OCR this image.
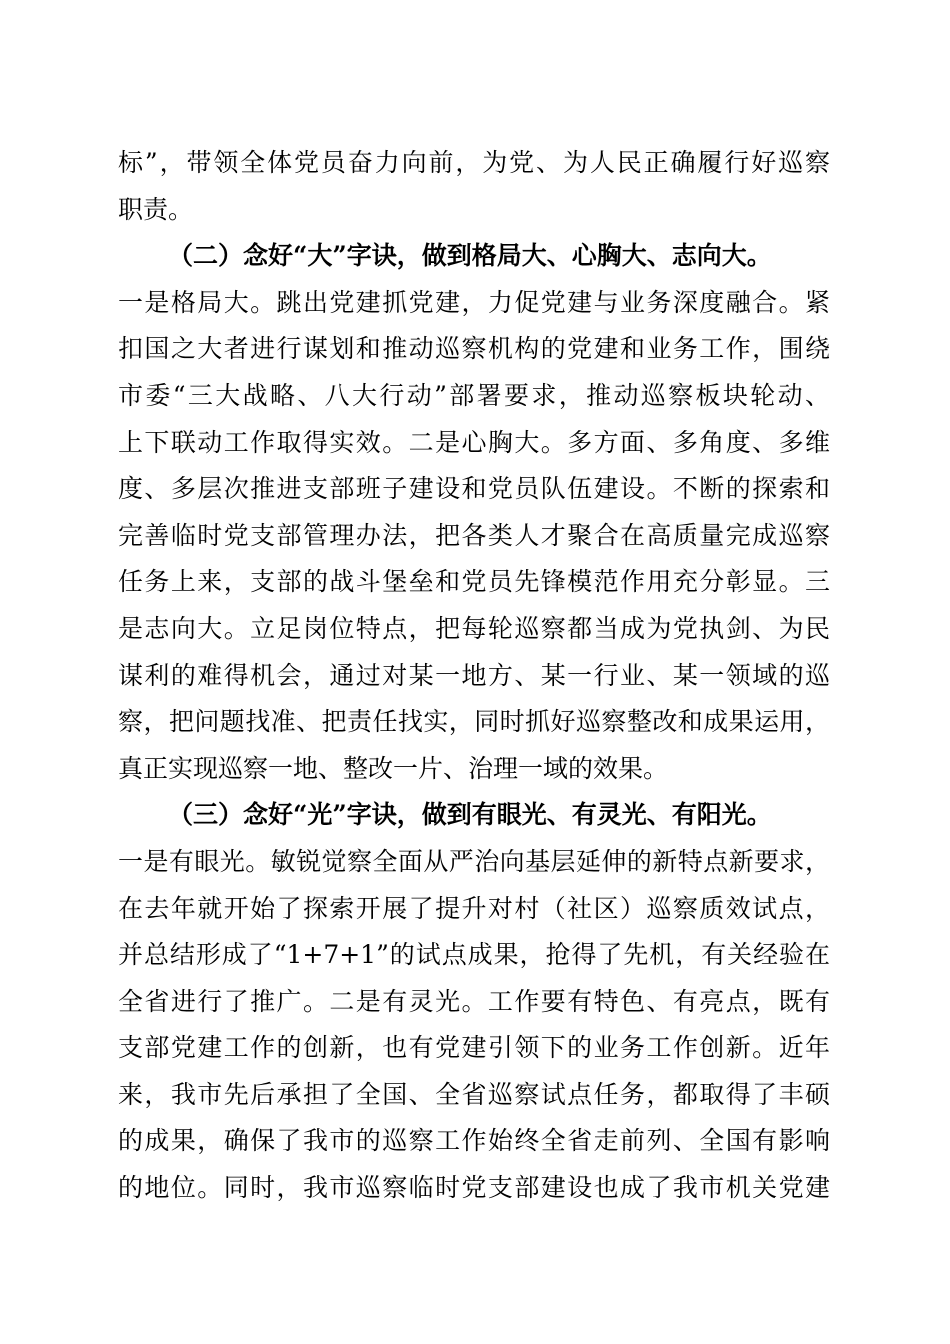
标”，带领全体党员奋力向前，为党、为人民正确履行好巡察
职责。
（二）念好“大”字诀，做到格局大、心胸大、志向大。
一是格局大。跳出党建抓党建，力促党建与业务深度融合。紧
扣国之大者进行谋划和推动巡察机构的党建和业务工作，围绕
市委“三大战略、八大行动”部署要求，推动巡察板块轮动、
上下联动工作取得实效。二是心胸大。多方面、多角度、多维
度、多层次推进支部班子建设和党员队伍建设。不断的探索和
完善临时党支部管理办法，把各类人才聚合在高质量完成巡察
任务上来，支部的战斗堡垒和党员先锋模范作用充分彰显。三
是志向大。立足岗位特点，把每轮巡察都当成为党执剑、为民
谋利的难得机会，通过对某一地方、某一行业、某一领域的巡
察，把问题找准、把责任找实，同时抓好巡察整改和成果运用，
真正实现巡察一地、整改一片、治理一域的效果。
（三）念好“光”字诀，做到有眼光、有灵光、有阳光。
一是有眼光。敏锐觉察全面从严治向基层延伸的新特点新要求，
在去年就开始了探索开展了提升对村（社区）巡察质效试点，
并总结形成了“1+7+1”的试点成果，抢得了先机，有关经验在
全省进行了推广。二是有灵光。工作要有特色、有亮点，既有
支部党建工作的创新，也有党建引领下的业务工作创新。近年
来，我市先后承担了全国、全省巡察试点任务，都取得了丰硕
的成果，确保了我市的巡察工作始终全省走前列、全国有影响
的地位。同时，我市巡察临时党支部建设也成了我市机关党建
